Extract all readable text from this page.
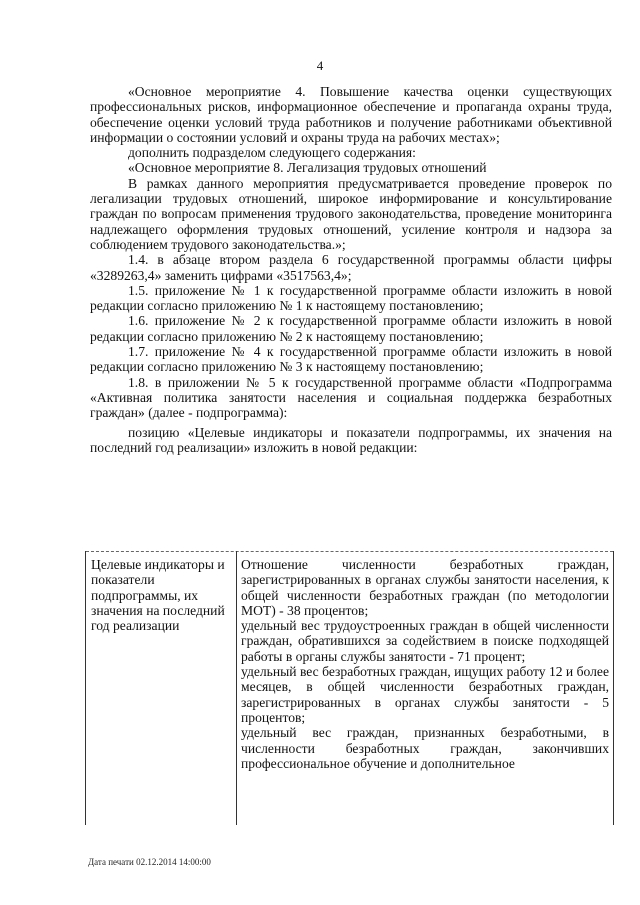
4

«Основное мероприятие 4. Повышение качества оценки существующих профессиональных рисков, информационное обеспечение и пропаганда охраны труда, обеспечение оценки условий труда работников и получение работниками объективной информации о состоянии условий и охраны труда на рабочих местах»;

дополнить подразделом следующего содержания:

«Основное мероприятие 8. Легализация трудовых отношений

В рамках данного мероприятия предусматривается проведение проверок по легализации трудовых отношений, широкое информирование и консультирование граждан по вопросам применения трудового законодательства, проведение мониторинга надлежащего оформления трудовых отношений, усиление контроля и надзора за соблюдением трудового законодательства.»;

1.4. в абзаце втором раздела 6 государственной программы области цифры «3289263,4» заменить цифрами «3517563,4»;

1.5. приложение № 1 к государственной программе области изложить в новой редакции согласно приложению № 1 к настоящему постановлению;

1.6. приложение № 2 к государственной программе области изложить в новой редакции согласно приложению № 2 к настоящему постановлению;

1.7. приложение № 4 к государственной программе области изложить в новой редакции согласно приложению № 3 к настоящему постановлению;

1.8. в приложении № 5 к государственной программе области «Подпрограмма «Активная политика занятости населения и социальная поддержка безработных граждан» (далее - подпрограмма):

позицию «Целевые индикаторы и показатели подпрограммы, их значения на последний год реализации» изложить в новой редакции:

Целевые индикаторы и показатели подпрограммы, их значения на последний год реализации

Отношение численности безработных граждан, зарегистрированных в органах службы занятости населения, к общей численности безработных граждан (по методологии МОТ) - 38 процентов;

удельный вес трудоустроенных граждан в общей численности граждан, обратившихся за содействием в поиске подходящей работы в органы службы занятости - 71 процент;

удельный вес безработных граждан, ищущих работу 12 и более месяцев, в общей численности безработных граждан, зарегистрированных в органах службы занятости - 5 процентов;

удельный вес граждан, признанных безработными, в численности безработных граждан, закончивших профессиональное обучение и дополнительное

Дата печати 02.12.2014 14:00:00
